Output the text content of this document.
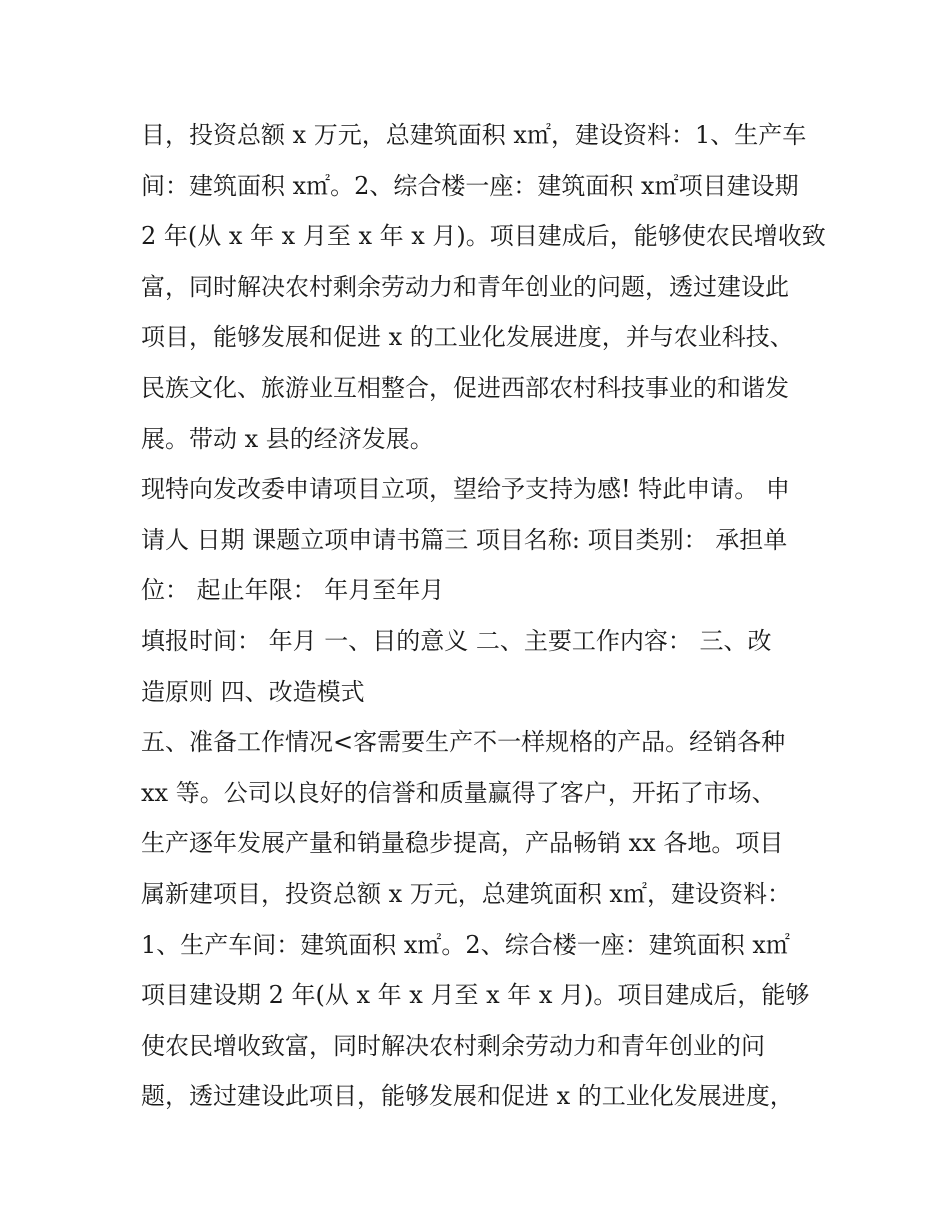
目，投资总额 x 万元，总建筑面积 x㎡，建设资料：1、生产车
间：建筑面积 x㎡。2、综合楼一座：建筑面积 x㎡项目建设期
2 年(从 x 年 x 月至 x 年 x 月)。项目建成后，能够使农民增收致
富，同时解决农村剩余劳动力和青年创业的问题，透过建设此
项目，能够发展和促进 x 的工业化发展进度，并与农业科技、
民族文化、旅游业互相整合，促进西部农村科技事业的和谐发
展。带动 x 县的经济发展。
现特向发改委申请项目立项，望给予支持为感! 特此申请。 申
请人 日期 课题立项申请书篇三 项目名称: 项目类别： 承担单
位： 起止年限： 年月至年月
填报时间： 年月 一、目的意义 二、主要工作内容： 三、改
造原则 四、改造模式
五、准备工作情况<客需要生产不一样规格的产品。经销各种
xx 等。公司以良好的信誉和质量赢得了客户，开拓了市场、
生产逐年发展产量和销量稳步提高，产品畅销 xx 各地。项目
属新建项目，投资总额 x 万元，总建筑面积 x㎡，建设资料：
1、生产车间：建筑面积 x㎡。2、综合楼一座：建筑面积 x㎡
项目建设期 2 年(从 x 年 x 月至 x 年 x 月)。项目建成后，能够
使农民增收致富，同时解决农村剩余劳动力和青年创业的问
题，透过建设此项目，能够发展和促进 x 的工业化发展进度，
